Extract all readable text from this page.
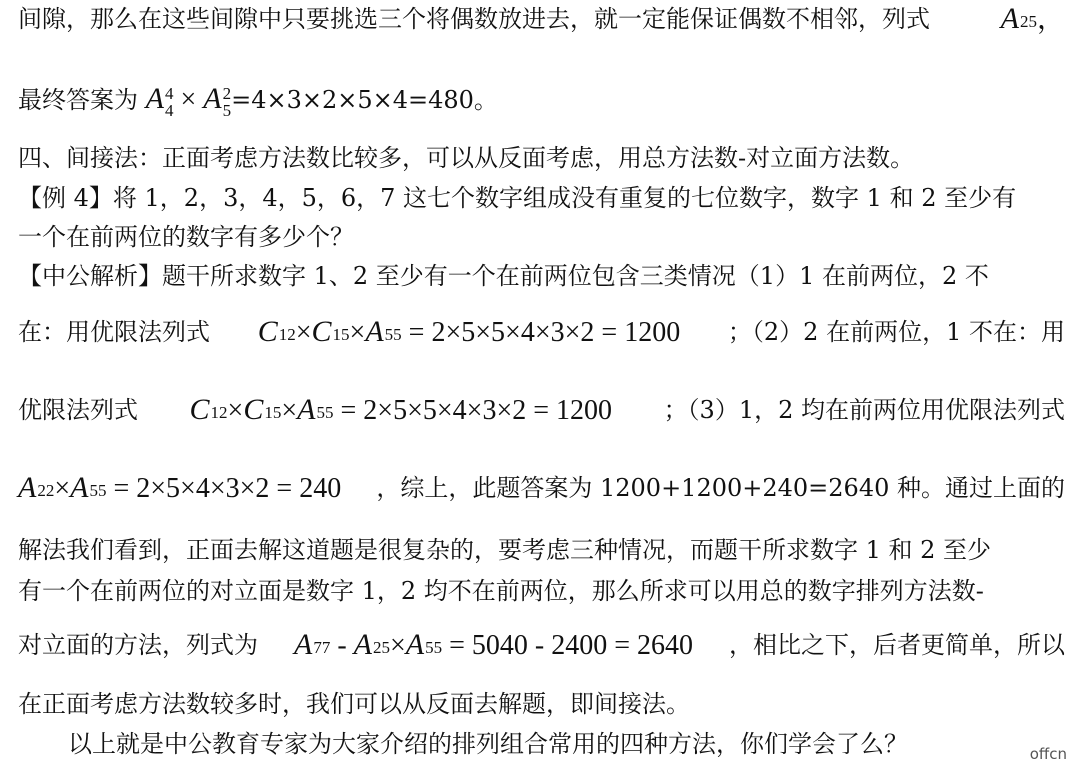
间隙，那么在这些间隙中只要挑选三个将偶数放进去，就一定能保证偶数不相邻，列式 A25，
最终答案为 A 4
4 × A 2
5 =4×3×2×5×4=480。
四、间接法：正面考虑方法数比较多，可以从反面考虑，用总方法数-对立面方法数。
【例 4】将 1，2，3，4，5，6，7 这七个数字组成没有重复的七位数字，数字 1 和 2 至少有
一个在前两位的数字有多少个？
【中公解析】题干所求数字 1、2 至少有一个在前两位包含三类情况（1）1 在前两位，2 不
在：用优限法列式 C12×C15×A55 = 2×5×5×4×3×2 = 1200 ；（2）2 在前两位，1 不在：用
优限法列式 C12×C15×A55 = 2×5×5×4×3×2 = 1200 ；（3）1，2 均在前两位用优限法列式
A22×A55 = 2×5×4×3×2 = 240 ，综上，此题答案为 1200+1200+240=2640 种。通过上面的
解法我们看到，正面去解这道题是很复杂的，要考虑三种情况，而题干所求数字 1 和 2 至少
有一个在前两位的对立面是数字 1，2 均不在前两位，那么所求可以用总的数字排列方法数-
对立面的方法，列式为 A77 - A25×A55 = 5040 - 2400 = 2640 ，相比之下，后者更简单，所以
在正面考虑方法数较多时，我们可以从反面去解题，即间接法。
以上就是中公教育专家为大家介绍的排列组合常用的四种方法，你们学会了么？	offcn
